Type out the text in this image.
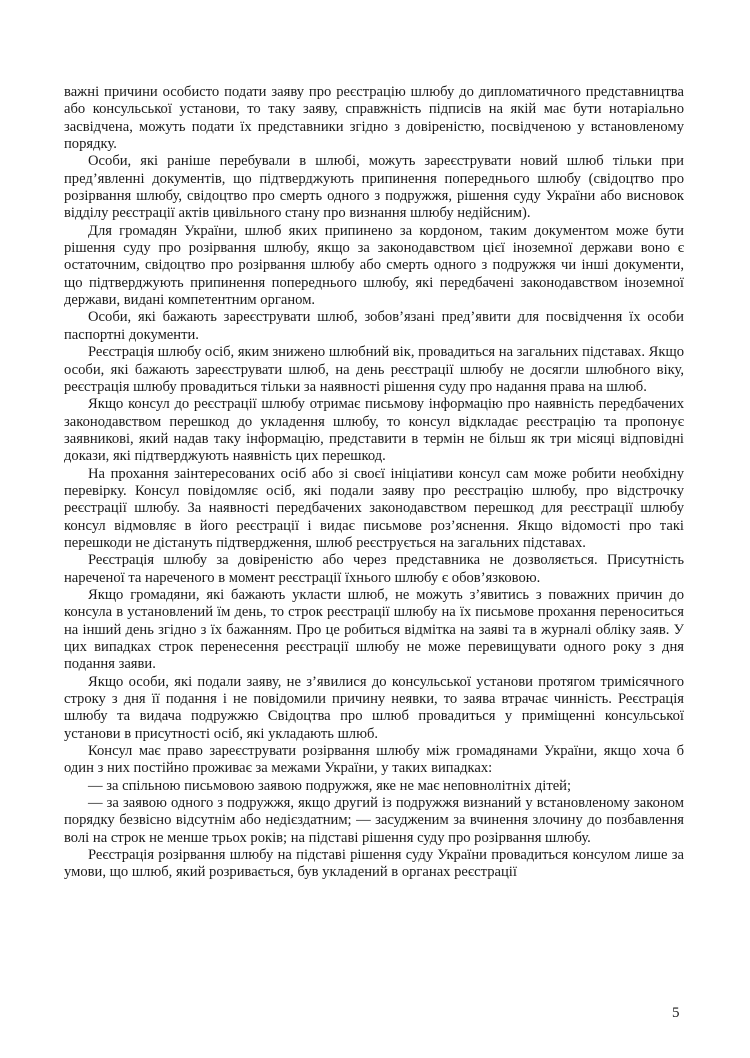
важні причини особисто подати заяву про реєстрацію шлюбу до дипломатичного представництва або консульської установи, то таку заяву, справжність підписів на якій має бути нотаріально засвідчена, можуть подати їх представники згідно з довіреністю, посвідченою у встановленому порядку.

Особи, які раніше перебували в шлюбі, можуть зареєструвати новий шлюб тільки при пред’явленні документів, що підтверджують припинення попереднього шлюбу (свідоцтво про розірвання шлюбу, свідоцтво про смерть одного з подружжя, рішення суду України або висновок відділу реєстрації актів цивільного стану про визнання шлюбу недійсним).

Для громадян України, шлюб яких припинено за кордоном, таким документом може бути рішення суду про розірвання шлюбу, якщо за законодавством цієї іноземної держави воно є остаточним, свідоцтво про розірвання шлюбу або смерть одного з подружжя чи інші документи, що підтверджують припинення попереднього шлюбу, які передбачені законодавством іноземної держави, видані компетентним органом.

Особи, які бажають зареєструвати шлюб, зобов’язані пред’явити для посвідчення їх особи паспортні документи.

Реєстрація шлюбу осіб, яким знижено шлюбний вік, провадиться на загальних підставах. Якщо особи, які бажають зареєструвати шлюб, на день реєстрації шлюбу не досягли шлюбного віку, реєстрація шлюбу провадиться тільки за наявності рішення суду про надання права на шлюб.

Якщо консул до реєстрації шлюбу отримає письмову інформацію про наявність передбачених законодавством перешкод до укладення шлюбу, то консул відкладає реєстрацію та пропонує заявникові, який надав таку інформацію, представити в термін не більш як три місяці відповідні докази, які підтверджують наявність цих перешкод.

На прохання заінтересованих осіб або зі своєї ініціативи консул сам може робити необхідну перевірку. Консул повідомляє осіб, які подали заяву про реєстрацію шлюбу, про відстрочку реєстрації шлюбу. За наявності передбачених законодавством перешкод для реєстрації шлюбу консул відмовляє в його реєстрації і видає письмове роз’яснення. Якщо відомості про такі перешкоди не дістануть підтвердження, шлюб реєструється на загальних підставах.

Реєстрація шлюбу за довіреністю або через представника не дозволяється. Присутність нареченої та нареченого в момент реєстрації їхнього шлюбу є обов’язковою.

Якщо громадяни, які бажають укласти шлюб, не можуть з’явитись з поважних причин до консула в установлений їм день, то строк реєстрації шлюбу на їх письмове прохання переноситься на інший день згідно з їх бажанням. Про це робиться відмітка на заяві та в журналі обліку заяв. У цих випадках строк перенесення реєстрації шлюбу не може перевищувати одного року з дня подання заяви.

Якщо особи, які подали заяву, не з’явилися до консульської установи протягом тримісячного строку з дня її подання і не повідомили причину неявки, то заява втрачає чинність. Реєстрація шлюбу та видача подружжю Свідоцтва про шлюб провадиться у приміщенні консульської установи в присутності осіб, які укладають шлюб.

Консул має право зареєструвати розірвання шлюбу між громадянами України, якщо хоча б один з них постійно проживає за межами України, у таких випадках:

— за спільною письмовою заявою подружжя, яке не має неповнолітніх дітей;

— за заявою одного з подружжя, якщо другий із подружжя визнаний у встановленому законом порядку безвісно відсутнім або недієздатним; — засудженим за вчинення злочину до позбавлення волі на строк не менше трьох років; на підставі рішення суду про розірвання шлюбу.

Реєстрація розірвання шлюбу на підставі рішення суду України провадиться консулом лише за умови, що шлюб, який розривається, був укладений в органах реєстрації

5
